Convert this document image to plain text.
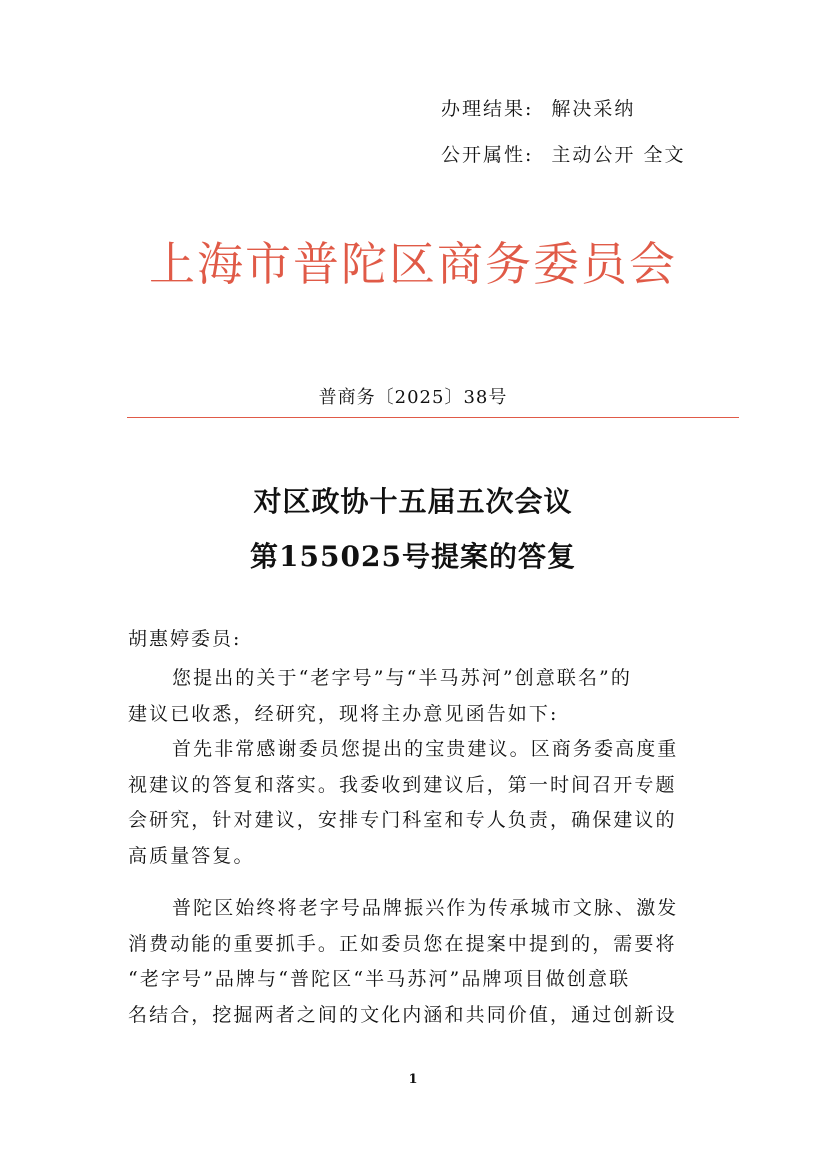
办理结果: 解决采纳
公开属性: 主动公开 全文
上海市普陀区商务委员会
普商务〔2025〕38号
对区政协十五届五次会议
第155025号提案的答复
胡惠婷委员:
您提出的关于“老字号”与“半马苏河”创意联名”的
建议已收悉，经研究，现将主办意见函告如下:
首先非常感谢委员您提出的宝贵建议。区商务委高度重
视建议的答复和落实。我委收到建议后，第一时间召开专题
会研究，针对建议，安排专门科室和专人负责，确保建议的
高质量答复。
普陀区始终将老字号品牌振兴作为传承城市文脉、激发
消费动能的重要抓手。正如委员您在提案中提到的，需要将
“老字号”品牌与“普陀区“半马苏河”品牌项目做创意联
名结合，挖掘两者之间的文化内涵和共同价值，通过创新设
1
